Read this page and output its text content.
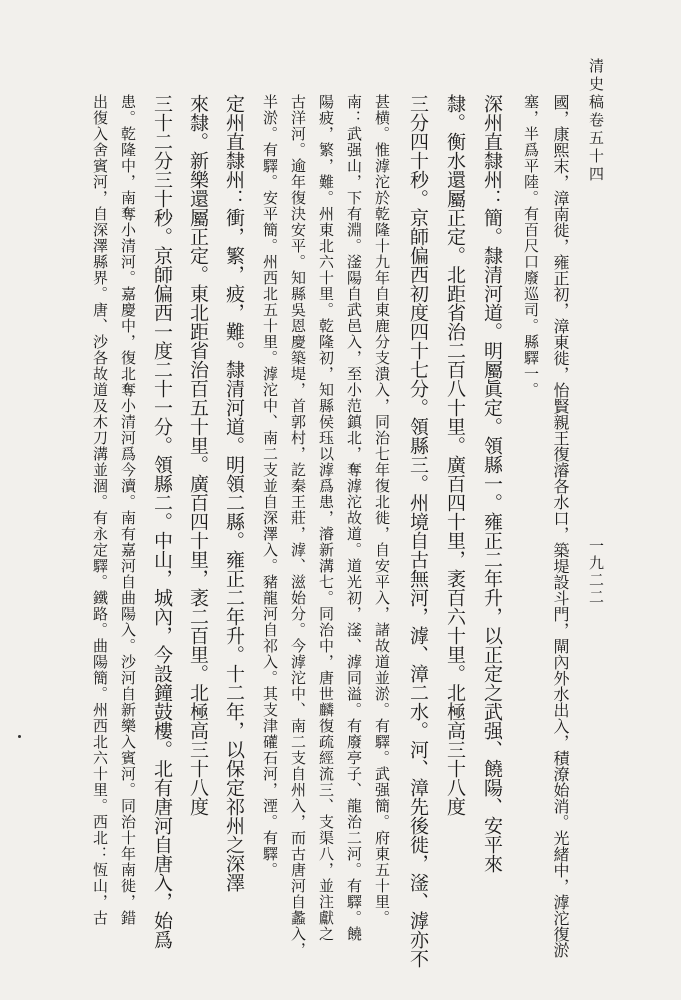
清史稿卷五十四
一九二二
國，康熙末，漳南徙，雍正初，漳東徙，怡賢親王復濬各水口，築堤設斗門，閘內外水出入，積潦始消。光緒中，滹沱復淤
塞，半爲平陸。有百尺口廢巡司。縣驛一。
深州直隸州：簡。隸清河道。明屬眞定。領縣一。雍正二年升，以正定之武强、饒陽、安平來
隸。衡水還屬正定。北距省治二百八十里。廣百四十里，袤百六十里。北極高三十八度
三分四十秒。京師偏西初度四十七分。領縣三。州境自古無河，滹、漳二水。河、漳先後徙，滏、滹亦不
甚横。惟滹沱於乾隆十九年自東鹿分支潰入，同治七年復北徙，自安平入，諸故道並淤。有驛。武强簡。府東五十里。
南：武强山，下有淵。滏陽自武邑入，至小范鎮北，奪滹沱故道。道光初，滏、滹同溢。有廢亭子、龍治二河。有驛。饒
陽疲，繁，難。州東北六十里。乾隆初，知縣侯珏以滹爲患，濬新溝七。同治中，唐世麟復疏經流三、支渠八，並注獻之
古洋河。逾年復決安平。知縣吳恩慶築堤，首郭村，訖秦王莊，滹、滋始分。今滹沱中、南二支自州入，而古唐河自蠡入，
半淤。有驛。安平簡。州西北五十里。滹沱中、南二支並自深澤入。豬龍河自祁入。其支津礶石河，湮。有驛。
定州直隸州：衝，繁，疲，難。隸清河道。明領二縣。雍正二年升。十二年，以保定祁州之深澤
來隸。新樂還屬正定。東北距省治百五十里。廣百四十里，袤二百里。北極高三十八度
三十二分三十秒。京師偏西一度二十一分。領縣二。中山，城內，今設鐘鼓樓。北有唐河自唐入，始爲
患。乾隆中，南奪小清河。嘉慶中，復北奪小清河爲今瀆。南有嘉河自曲陽入。沙河自新樂入賓河。同治十年南徙，錯
出復入舍賓河，自深澤縣界。唐、沙各故道及木刀溝並涸。有永定驛。鐵路。曲陽簡。州西北六十里。西北：恆山，古
